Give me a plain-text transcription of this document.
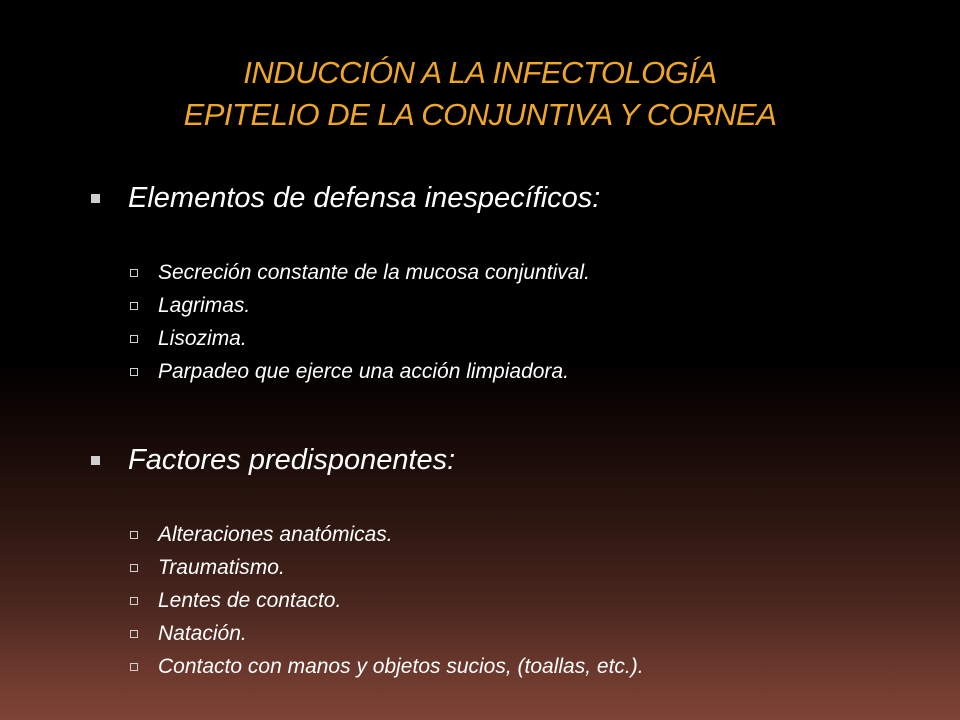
INDUCCIÓN A LA INFECTOLOGÍA
EPITELIO DE LA CONJUNTIVA Y CORNEA
Elementos de defensa inespecíficos:
Secreción constante de la mucosa conjuntival.
Lagrimas.
Lisozima.
Parpadeo que ejerce una acción limpiadora.
Factores predisponentes:
Alteraciones anatómicas.
Traumatismo.
Lentes de contacto.
Natación.
Contacto con manos y objetos sucios, (toallas, etc.).
